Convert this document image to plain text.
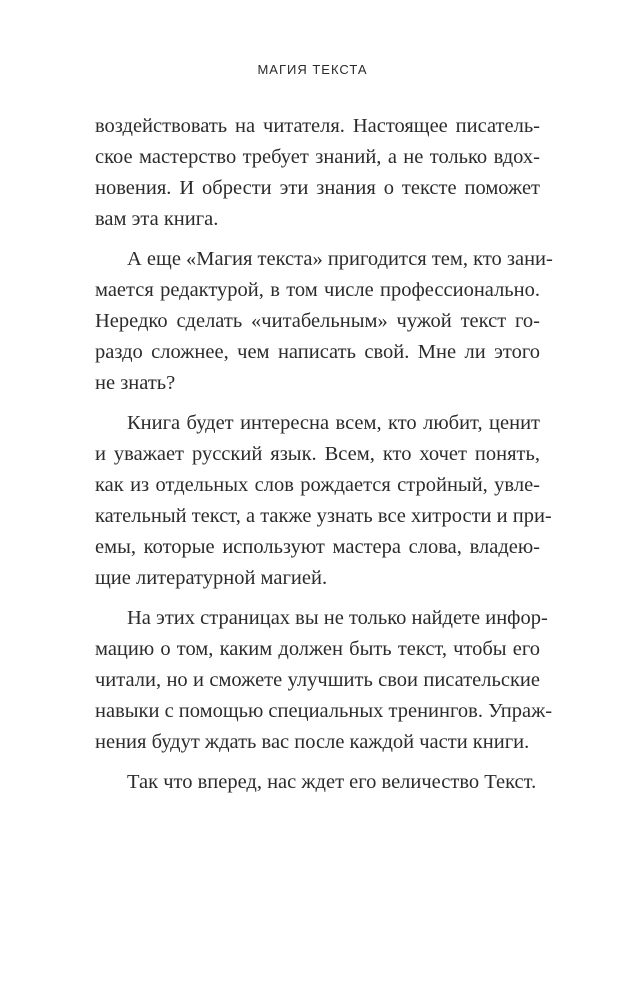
МАГИЯ ТЕКСТА
воздействовать на читателя. Настоящее писатель-
ское мастерство требует знаний, а не только вдох-
новения. И обрести эти знания о тексте поможет
вам эта книга.
А еще «Магия текста» пригодится тем, кто зани-
мается редактурой, в том числе профессионально.
Нередко сделать «читабельным» чужой текст го-
раздо сложнее, чем написать свой. Мне ли этого
не знать?
Книга будет интересна всем, кто любит, ценит
и уважает русский язык. Всем, кто хочет понять,
как из отдельных слов рождается стройный, увле-
кательный текст, а также узнать все хитрости и при-
емы, которые используют мастера слова, владею-
щие литературной магией.
На этих страницах вы не только найдете инфор-
мацию о том, каким должен быть текст, чтобы его
читали, но и сможете улучшить свои писательские
навыки с помощью специальных тренингов. Упраж-
нения будут ждать вас после каждой части книги.
Так что вперед, нас ждет его величество Текст.
